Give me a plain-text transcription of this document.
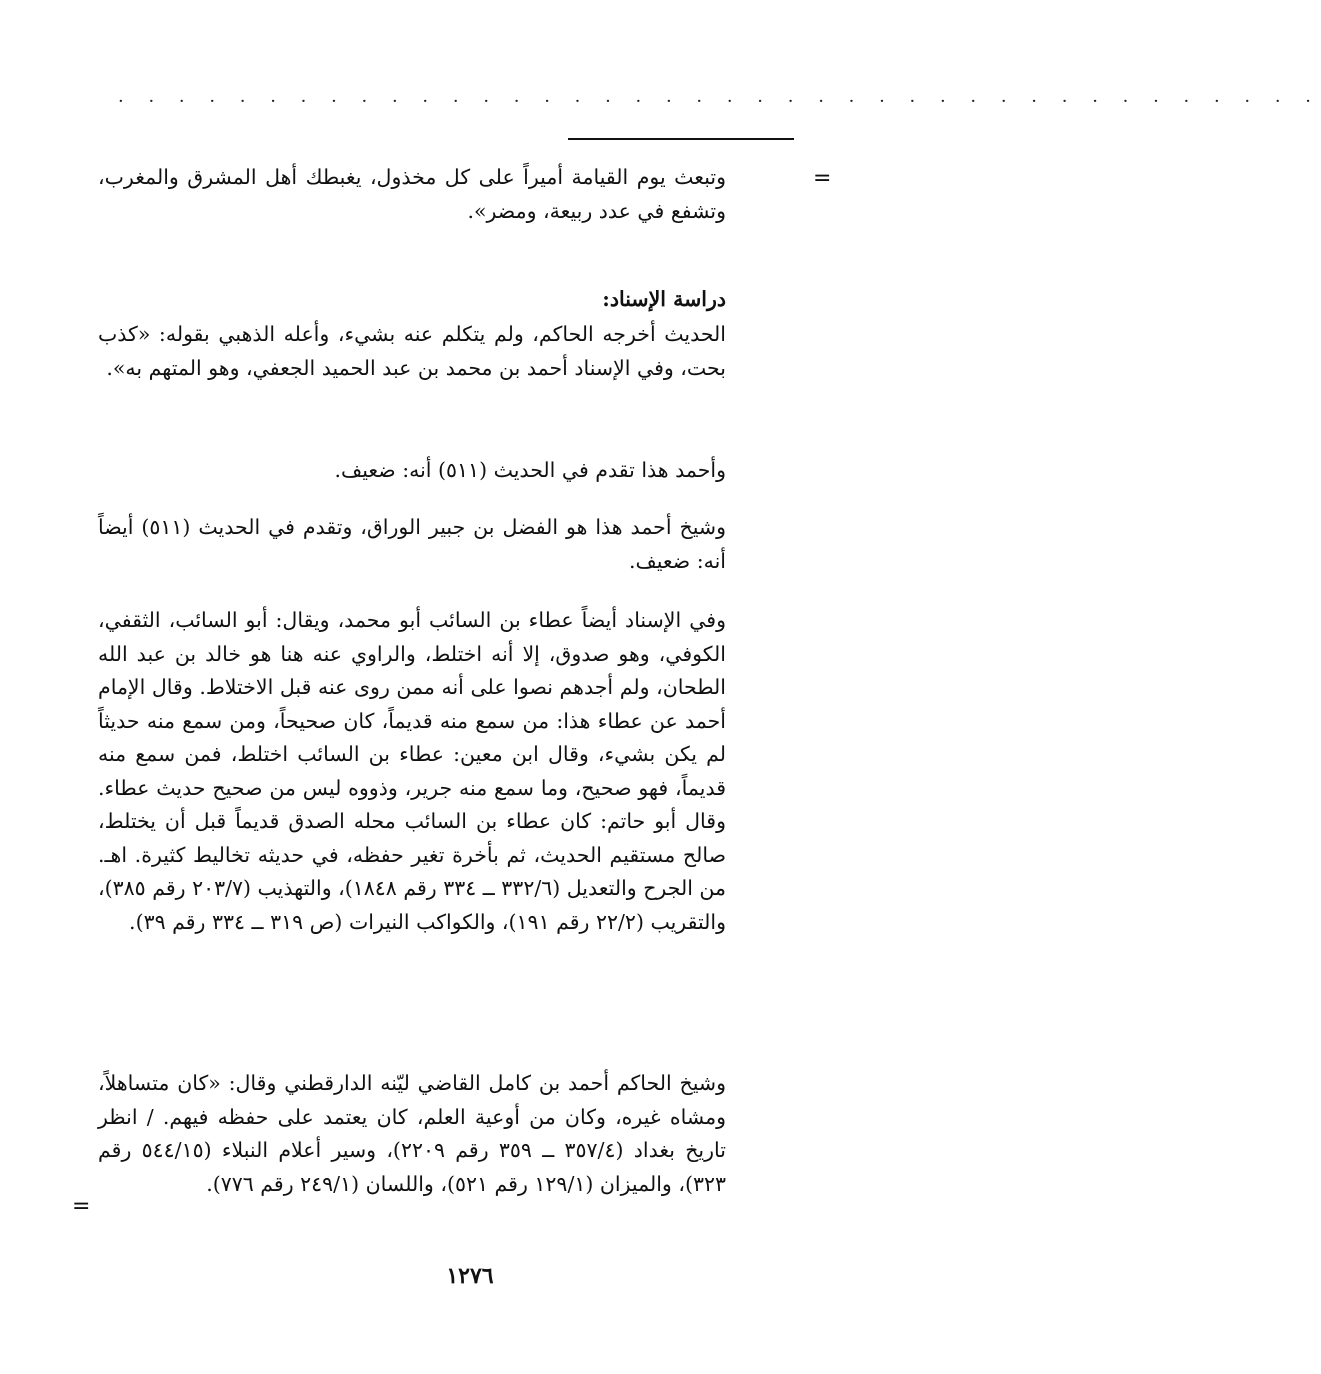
· · · · · · · · · · · · · · · · · · · · · · · · · · · · · · · · · · · · · · · ·
=
وتبعث يوم القيامة أميراً على كل مخذول، يغبطك أهل المشرق والمغرب، وتشفع في عدد ربيعة، ومضر».
دراسة الإسناد:
الحديث أخرجه الحاكم، ولم يتكلم عنه بشيء، وأعله الذهبي بقوله: «كذب بحت، وفي الإسناد أحمد بن محمد بن عبد الحميد الجعفي، وهو المتهم به».
وأحمد هذا تقدم في الحديث (٥١١) أنه: ضعيف.
وشيخ أحمد هذا هو الفضل بن جبير الوراق، وتقدم في الحديث (٥١١) أيضاً أنه: ضعيف.
وفي الإسناد أيضاً عطاء بن السائب أبو محمد، ويقال: أبو السائب، الثقفي، الكوفي، وهو صدوق، إلا أنه اختلط، والراوي عنه هنا هو خالد بن عبد الله الطحان، ولم أجدهم نصوا على أنه ممن روى عنه قبل الاختلاط. وقال الإمام أحمد عن عطاء هذا: من سمع منه قديماً، كان صحيحاً، ومن سمع منه حديثاً لم يكن بشيء، وقال ابن معين: عطاء بن السائب اختلط، فمن سمع منه قديماً، فهو صحيح، وما سمع منه جرير، وذووه ليس من صحيح حديث عطاء. وقال أبو حاتم: كان عطاء بن السائب محله الصدق قديماً قبل أن يختلط، صالح مستقيم الحديث، ثم بأخرة تغير حفظه، في حديثه تخاليط كثيرة. اهـ. من الجرح والتعديل (٣٣٢/٦ ــ ٣٣٤ رقم ١٨٤٨)، والتهذيب (٢٠٣/٧ رقم ٣٨٥)، والتقريب (٢٢/٢ رقم ١٩١)، والكواكب النيرات (ص ٣١٩ ــ ٣٣٤ رقم ٣٩).
وشيخ الحاكم أحمد بن كامل القاضي ليّنه الدارقطني وقال: «كان متساهلاً، ومشاه غيره، وكان من أوعية العلم، كان يعتمد على حفظه فيهم. / انظر تاريخ بغداد (٣٥٧/٤ ــ ٣٥٩ رقم ٢٢٠٩)، وسير أعلام النبلاء (٥٤٤/١٥ رقم ٣٢٣)، والميزان (١٢٩/١ رقم ٥٢١)، واللسان (٢٤٩/١ رقم ٧٧٦).
=
١٢٧٦
